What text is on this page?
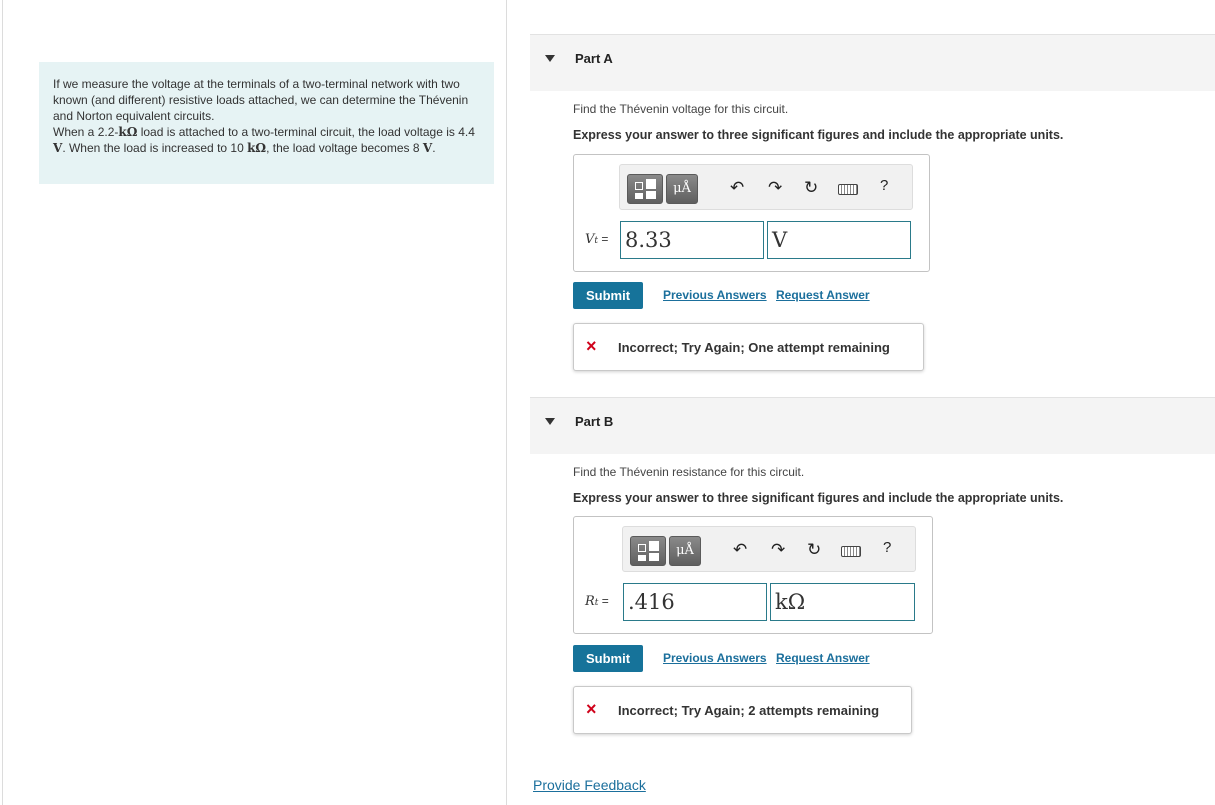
If we measure the voltage at the terminals of a two-terminal network with two known (and different) resistive loads attached, we can determine the Thévenin and Norton equivalent circuits.

When a 2.2-kΩ load is attached to a two-terminal circuit, the load voltage is 4.4 V. When the load is increased to 10 kΩ, the load voltage becomes 8 V.

Part A
Find the Thévenin voltage for this circuit.
Express your answer to three significant figures and include the appropriate units.
μÅ	↶ ↷ ↻	?
Vt = 8.33	V
Submit	Previous Answers Request Answer
× Incorrect; Try Again; One attempt remaining
Part B
Find the Thévenin resistance for this circuit.
Express your answer to three significant figures and include the appropriate units.
μÅ	↶ ↷ ↻	?
Rt = .416	kΩ
Submit	Previous Answers Request Answer
× Incorrect; Try Again; 2 attempts remaining
Provide Feedback
